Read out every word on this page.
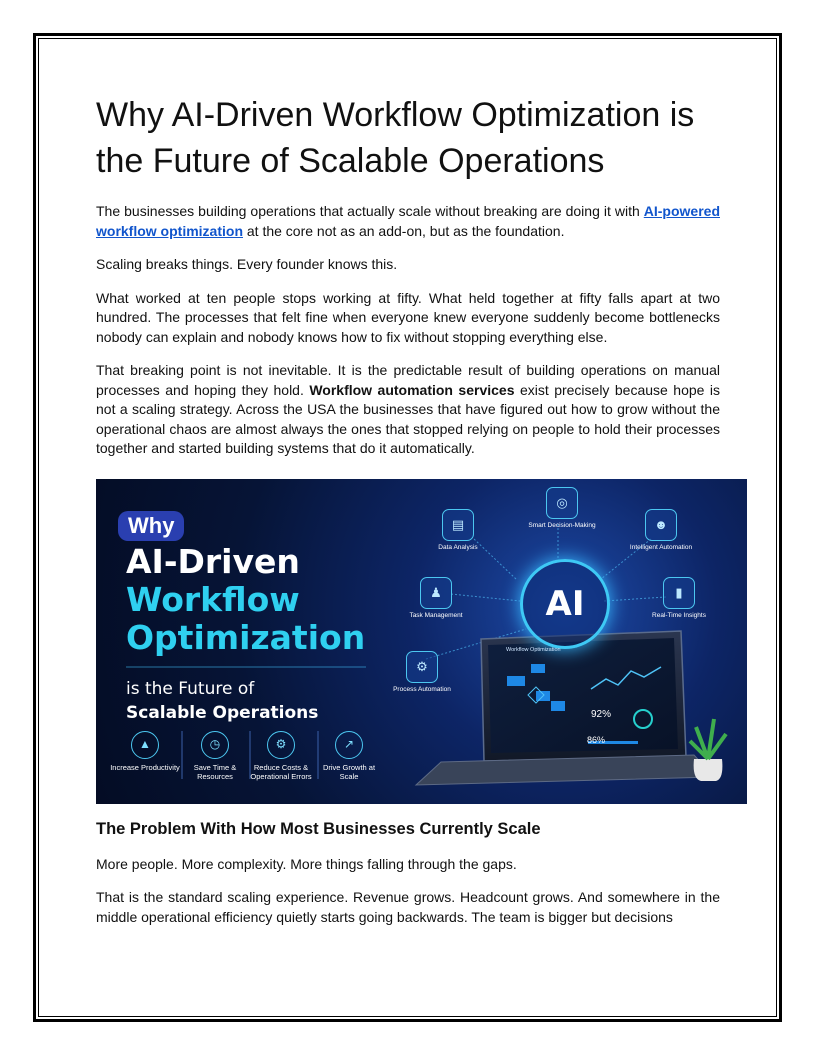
Why AI-Driven Workflow Optimization is the Future of Scalable Operations

The businesses building operations that actually scale without breaking are doing it with AI-powered workflow optimization at the core not as an add-on, but as the foundation.

Scaling breaks things. Every founder knows this.

What worked at ten people stops working at fifty. What held together at fifty falls apart at two hundred. The processes that felt fine when everyone knew everyone suddenly become bottlenecks nobody can explain and nobody knows how to fix without stopping everything else.

That breaking point is not inevitable. It is the predictable result of building operations on manual processes and hoping they hold. Workflow automation services exist precisely because hope is not a scaling strategy. Across the USA the businesses that have figured out how to grow without the operational chaos are almost always the ones that stopped relying on people to hold their processes together and started building systems that do it automatically.

Why
AI-Driven
Workflow
Optimization
is the Future of
Scalable Operations
▲
Increase Productivity
◷
Save Time & Resources
⚙
Reduce Costs & Operational Errors
↗
Drive Growth at Scale
AI
▤
Data Analysis
◎
Smart Decision-Making	☻
Intelligent Automation
♟
Task Management
▮
Real-Time Insights
⚙
Process Automation
Workflow Optimization
92%
86%
The Problem With How Most Businesses Currently Scale

More people. More complexity. More things falling through the gaps.

That is the standard scaling experience. Revenue grows. Headcount grows. And somewhere in the middle operational efficiency quietly starts going backwards. The team is bigger but decisions
